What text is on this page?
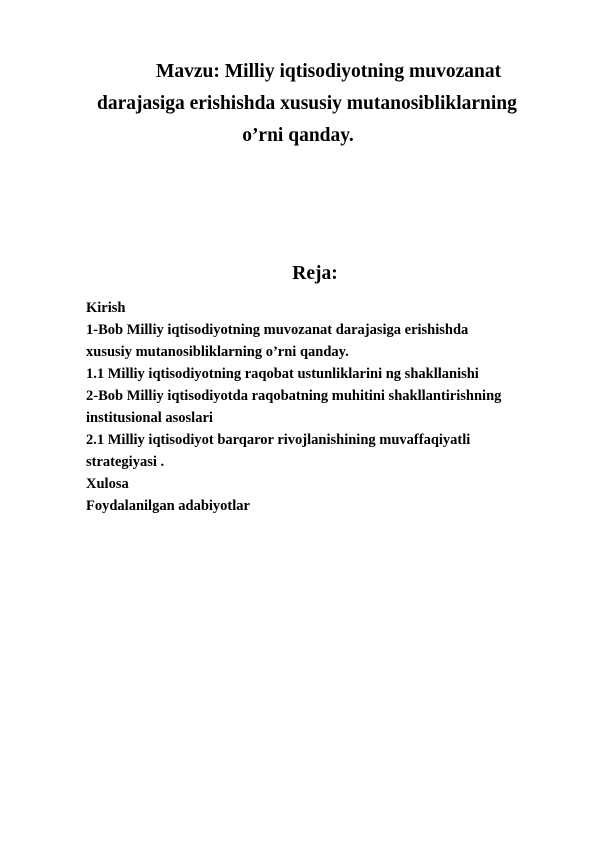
Mavzu: Milliy iqtisodiyotning muvozanat
darajasiga erishishda xususiy mutanosibliklarning
o’rni qanday.
Reja:
Kirish
1-Bob Milliy iqtisodiyotning muvozanat darajasiga erishishda
xususiy mutanosibliklarning o’rni qanday.
1.1 Milliy iqtisodiyotning raqobat ustunliklarini ng shakllanishi
2-Bob Milliy iqtisodiyotda raqobatning muhitini shakllantirishning
institusional asoslari
2.1 Milliy iqtisodiyot barqaror rivojlanishining muvaffaqiyatli
strategiyasi .
Xulosa
Foydalanilgan adabiyotlar
